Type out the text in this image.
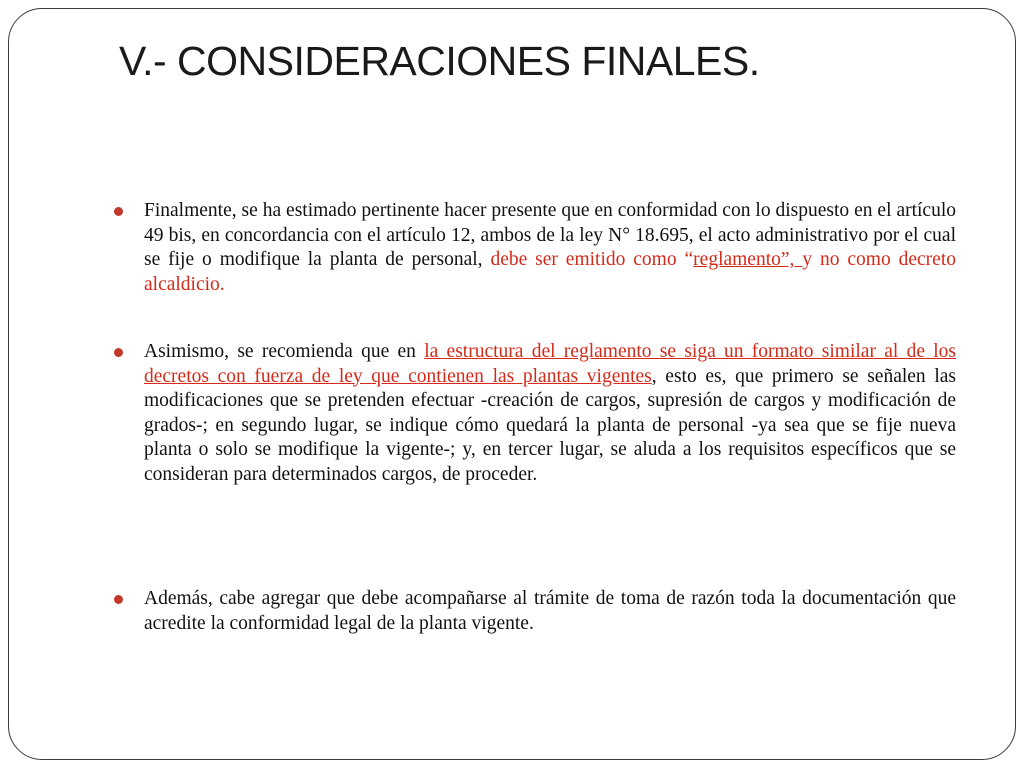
V.- CONSIDERACIONES FINALES.
Finalmente, se ha estimado pertinente hacer presente que en conformidad con lo dispuesto en el artículo 49 bis, en concordancia con el artículo 12, ambos de la ley N° 18.695, el acto administrativo por el cual se fije o modifique la planta de personal, debe ser emitido como “reglamento”, y no como decreto alcaldicio.
Asimismo, se recomienda que en la estructura del reglamento se siga un formato similar al de los decretos con fuerza de ley que contienen las plantas vigentes, esto es, que primero se señalen las modificaciones que se pretenden efectuar -creación de cargos, supresión de cargos y modificación de grados-; en segundo lugar, se indique cómo quedará la planta de personal -ya sea que se fije nueva planta o solo se modifique la vigente-; y, en tercer lugar, se aluda a los requisitos específicos que se consideran para determinados cargos, de proceder.
Además, cabe agregar que debe acompañarse al trámite de toma de razón toda la documentación que acredite la conformidad legal de la planta vigente.
